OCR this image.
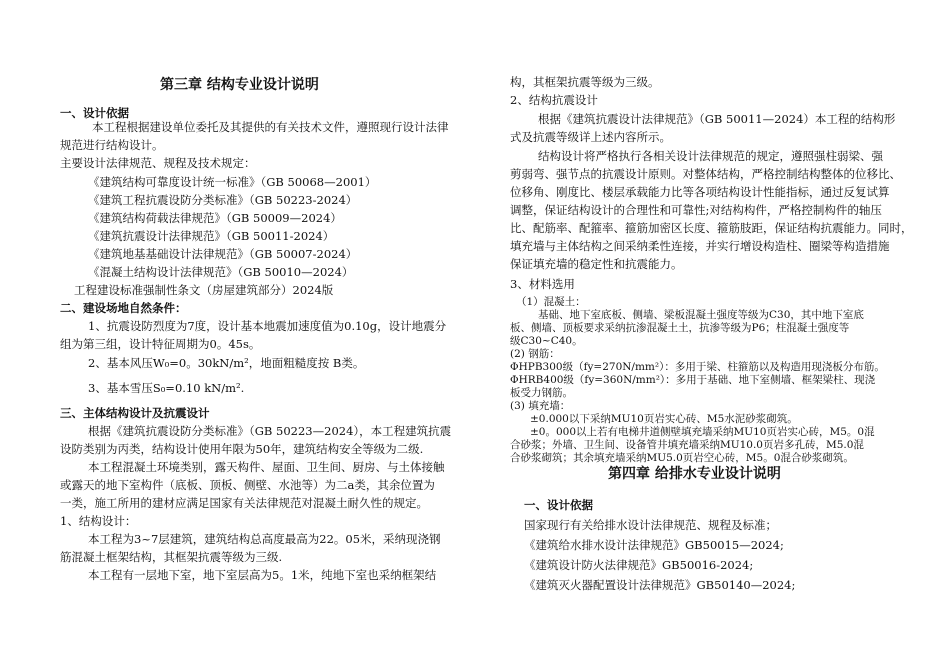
第三章 结构专业设计说明
一、设计依据
本工程根据建设单位委托及其提供的有关技术文件，遵照现行设计法律
规范进行结构设计。
主要设计法律规范、规程及技术规定：
《建筑结构可靠度设计统一标准》（GB 50068—2001）
《建筑工程抗震设防分类标准》（GB 50223-2024）
《建筑结构荷载法律规范》（GB 50009—2024）
《建筑抗震设计法律规范》（GB 50011-2024）
《建筑地基基础设计法律规范》（GB 50007-2024）
《混凝土结构设计法律规范》（GB 50010—2024）
工程建设标准强制性条文（房屋建筑部分）2024版
二、建设场地自然条件：
1、抗震设防烈度为7度，设计基本地震加速度值为0.10g，设计地震分
组为第三组，设计特征周期为0。45s。
2、基本风压W₀=0。30kN/m²，地面粗糙度按 B类。
3、基本雪压S₀=0.10 kN/m².
三、主体结构设计及抗震设计
根据《建筑抗震设防分类标准》（GB 50223—2024），本工程建筑抗震
设防类别为丙类，结构设计使用年限为50年，建筑结构安全等级为二级.
本工程混凝土环境类别，露天构件、屋面、卫生间、厨房、与土体接触
或露天的地下室构件（底板、顶板、侧壁、水池等）为二a类，其余位置为
一类，施工所用的建材应满足国家有关法律规范对混凝土耐久性的规定。
1、结构设计：
本工程为3~7层建筑，建筑结构总高度最高为22。05米，采纳现浇钢
筋混凝土框架结构，其框架抗震等级为三级.
本工程有一层地下室，地下室层高为5。1米，纯地下室也采纳框架结
构，其框架抗震等级为三级。
2、结构抗震设计
根据《建筑抗震设计法律规范》（GB 50011—2024）本工程的结构形
式及抗震等级详上述内容所示。
结构设计将严格执行各相关设计法律规范的规定，遵照强柱弱梁、强
剪弱弯、强节点的抗震设计原则。对整体结构，严格控制结构整体的位移比、
位移角、刚度比、楼层承载能力比等各项结构设计性能指标，通过反复试算
调整，保证结构设计的合理性和可靠性;对结构构件，严格控制构件的轴压
比、配筋率、配箍率、箍筋加密区长度、箍筋肢距，保证结构抗震能力。同时，
填充墙与主体结构之间采纳柔性连接，并实行增设构造柱、圈梁等构造措施
保证填充墙的稳定性和抗震能力。
3、材料选用
（1）混凝土：
基础、地下室底板、侧墙、梁板混凝土强度等级为C30，其中地下室底
板、侧墙、顶板要求采纳抗渗混凝土土，抗渗等级为P6；柱混凝土强度等
级C30~C40。
(2) 钢筋：
ΦHPB300级（fy=270N/mm²）：多用于梁、柱箍筋以及构造用现浇板分布筋。
ΦHRB400级（fy=360N/mm²）：多用于基础、地下室侧墙、框架梁柱、现浇
板受力钢筋。
(3) 填充墙：
±0.000以下采纳MU10页岩实心砖、M5水泥砂浆砌筑。
±0。000以上若有电梯井道侧壁填充墙采纳MU10页岩实心砖，M5。0混
合砂浆；外墙、卫生间、设备管井填充墙采纳MU10.0页岩多孔砖，M5.0混
合砂浆砌筑；其余填充墙采纳MU5.0页岩空心砖，M5。0混合砂浆砌筑。
第四章 给排水专业设计说明
一、设计依据
国家现行有关给排水设计法律规范、规程及标准；
《建筑给水排水设计法律规范》GB50015—2024;
《建筑设计防火法律规范》GB50016-2024;
《建筑灭火器配置设计法律规范》GB50140—2024;
